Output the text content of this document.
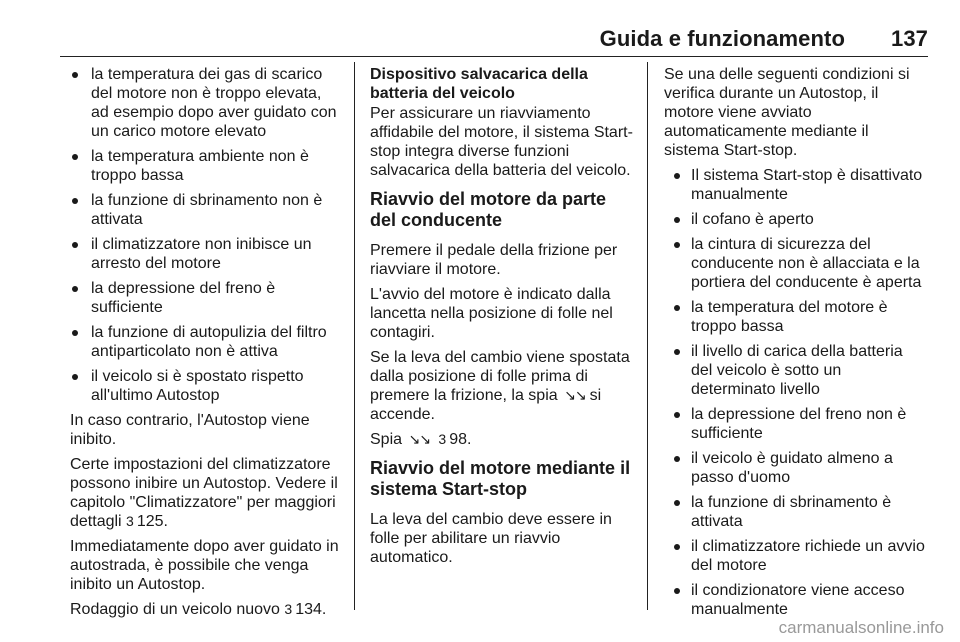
Guida e funzionamento 137
la temperatura dei gas di scarico del motore non è troppo elevata, ad esempio dopo aver guidato con un carico motore elevato
la temperatura ambiente non è troppo bassa
la funzione di sbrinamento non è attivata
il climatizzatore non inibisce un arresto del motore
la depressione del freno è sufficiente
la funzione di autopulizia del filtro antiparticolato non è attiva
il veicolo si è spostato rispetto all'ultimo Autostop

In caso contrario, l'Autostop viene inibito.

Certe impostazioni del climatizzatore possono inibire un Autostop. Vedere il capitolo "Climatizzatore" per maggiori dettagli 3 125.

Immediatamente dopo aver guidato in autostrada, è possibile che venga inibito un Autostop.

Rodaggio di un veicolo nuovo 3 134.

Dispositivo salvacarica della batteria del veicolo

Per assicurare un riavviamento affidabile del motore, il sistema Start-stop integra diverse funzioni salvacarica della batteria del veicolo.

Riavvio del motore da parte del conducente

Premere il pedale della frizione per riavviare il motore.

L'avvio del motore è indicato dalla lancetta nella posizione di folle nel contagiri.

Se la leva del cambio viene spostata dalla posizione di folle prima di premere la frizione, la spia ↘↘ si accende.

Spia ↘↘ 3 98.

Riavvio del motore mediante il sistema Start-stop

La leva del cambio deve essere in folle per abilitare un riavvio automatico.

Se una delle seguenti condizioni si verifica durante un Autostop, il motore viene avviato automaticamente mediante il sistema Start-stop.

Il sistema Start-stop è disattivato manualmente
il cofano è aperto
la cintura di sicurezza del conducente non è allacciata e la portiera del conducente è aperta
la temperatura del motore è troppo bassa
il livello di carica della batteria del veicolo è sotto un determinato livello
la depressione del freno non è sufficiente
il veicolo è guidato almeno a passo d'uomo
la funzione di sbrinamento è attivata
il climatizzatore richiede un avvio del motore
il condizionatore viene acceso manualmente
carmanualsonline.info
